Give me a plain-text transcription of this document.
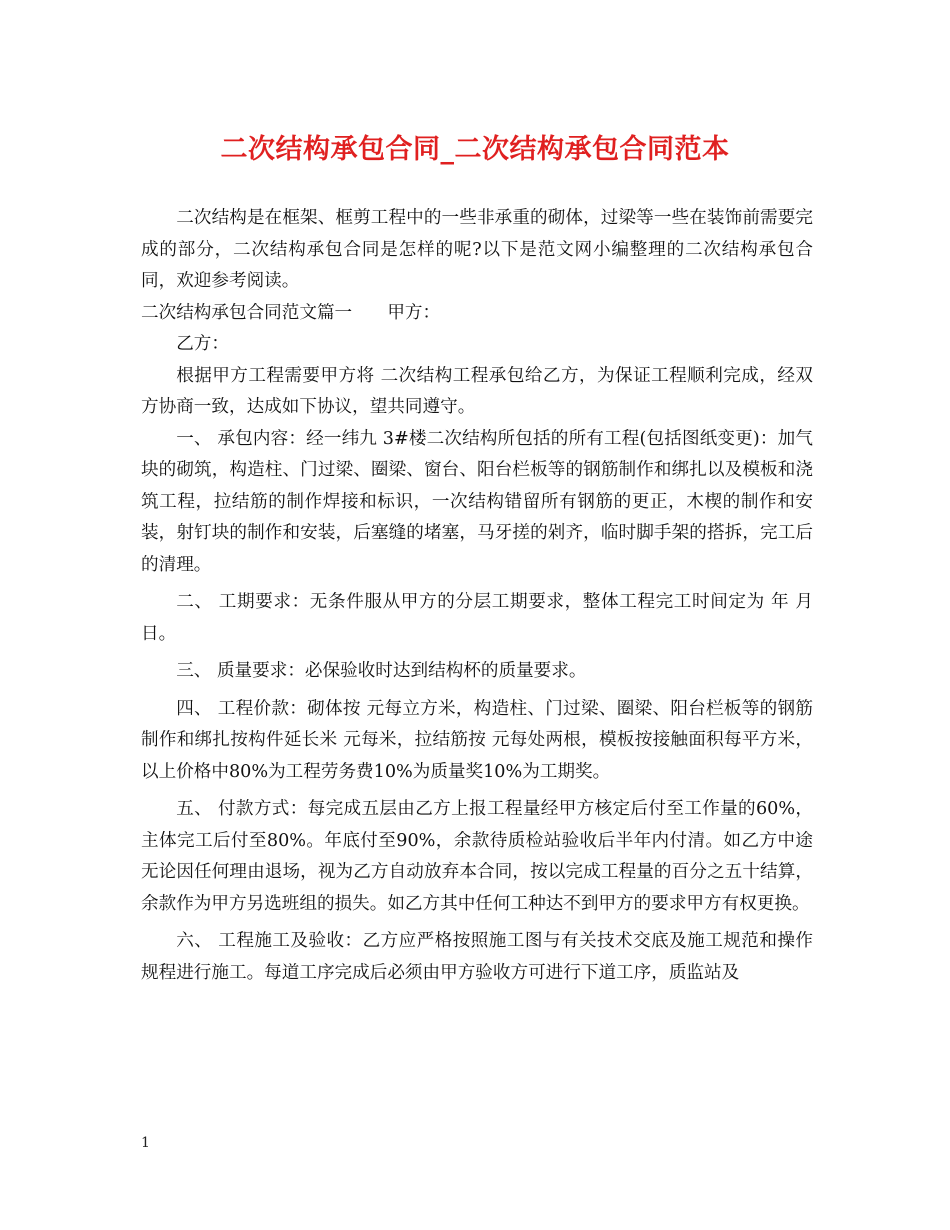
二次结构承包合同_二次结构承包合同范本

二次结构是在框架、框剪工程中的一些非承重的砌体，过梁等一些在装饰前需要完成的部分，二次结构承包合同是怎样的呢?以下是范文网小编整理的二次结构承包合同，欢迎参考阅读。

二次结构承包合同范文篇一　　甲方：

乙方：

根据甲方工程需要甲方将 二次结构工程承包给乙方，为保证工程顺利完成，经双方协商一致，达成如下协议，望共同遵守。

一、 承包内容：经一纬九 3#楼二次结构所包括的所有工程(包括图纸变更)：加气块的砌筑，构造柱、门过梁、圈梁、窗台、阳台栏板等的钢筋制作和绑扎以及模板和浇筑工程，拉结筋的制作焊接和标识，一次结构错留所有钢筋的更正，木楔的制作和安装，射钉块的制作和安装，后塞缝的堵塞，马牙搓的剁齐，临时脚手架的搭拆，完工后的清理。

二、 工期要求：无条件服从甲方的分层工期要求，整体工程完工时间定为 年 月 日。

三、 质量要求：必保验收时达到结构杯的质量要求。

四、 工程价款：砌体按 元每立方米，构造柱、门过梁、圈梁、阳台栏板等的钢筋制作和绑扎按构件延长米 元每米，拉结筋按 元每处两根，模板按接触面积每平方米，以上价格中80%为工程劳务费10%为质量奖10%为工期奖。

五、 付款方式：每完成五层由乙方上报工程量经甲方核定后付至工作量的60%，主体完工后付至80%。年底付至90%，余款待质检站验收后半年内付清。如乙方中途无论因任何理由退场，视为乙方自动放弃本合同，按以完成工程量的百分之五十结算，余款作为甲方另选班组的损失。如乙方其中任何工种达不到甲方的要求甲方有权更换。

六、 工程施工及验收：乙方应严格按照施工图与有关技术交底及施工规范和操作规程进行施工。每道工序完成后必须由甲方验收方可进行下道工序，质监站及

1
